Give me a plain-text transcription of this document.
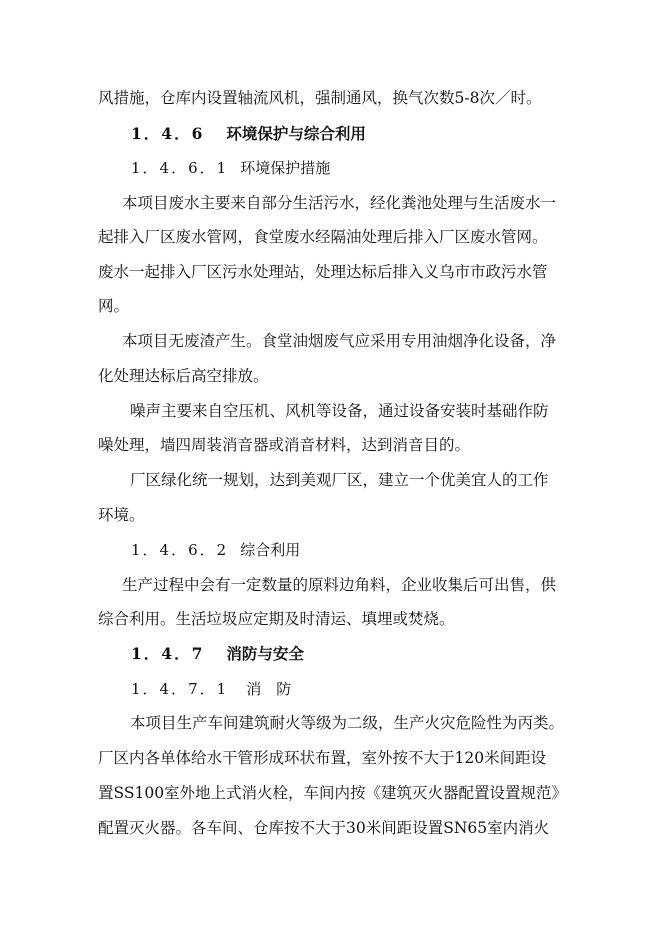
风措施，仓库内设置轴流风机，强制通风，换气次数5-8次／时。
1．4．6 环境保护与综合利用
1．4．6．1 环境保护措施
本项目废水主要来自部分生活污水，经化粪池处理与生活废水一
起排入厂区废水管网，食堂废水经隔油处理后排入厂区废水管网。
废水一起排入厂区污水处理站，处理达标后排入义乌市市政污水管
网。
本项目无废渣产生。食堂油烟废气应采用专用油烟净化设备，净
化处理达标后高空排放。
噪声主要来自空压机、风机等设备，通过设备安装时基础作防
噪处理，墙四周装消音器或消音材料，达到消音目的。
厂区绿化统一规划，达到美观厂区，建立一个优美宜人的工作
环境。
1．4．6．2 综合利用
生产过程中会有一定数量的原料边角料，企业收集后可出售，供
综合利用。生活垃圾应定期及时清运、填埋或焚烧。
1．4．7 消防与安全
1．4．7．1 消　防
本项目生产车间建筑耐火等级为二级，生产火灾危险性为丙类。
厂区内各单体给水干管形成环状布置，室外按不大于120米间距设
置SS100室外地上式消火栓，车间内按《建筑灭火器配置设置规范》
配置灭火器。各车间、仓库按不大于30米间距设置SN65室内消火
